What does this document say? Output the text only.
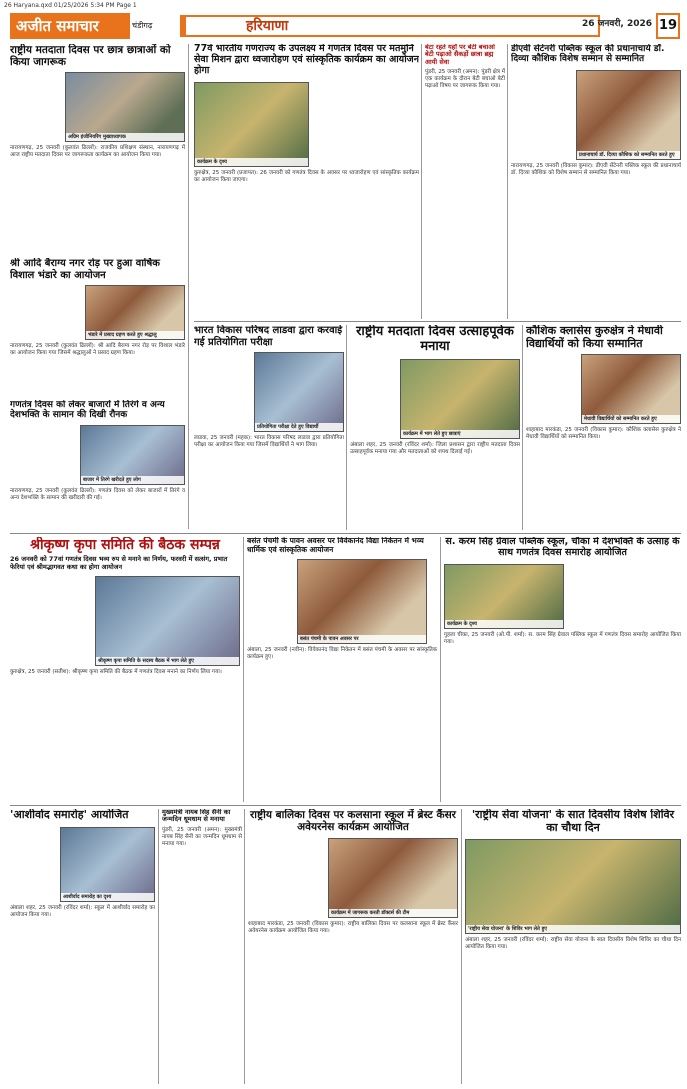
26 Haryana.qxd 01/25/2026 5:34 PM Page 1
अजीत समाचार	चंडीगढ़	हरियाणा	26 जनवरी, 2026 19
राष्ट्रीय मतदाता दिवस पर छात्र छात्राओं को किया जागरूक
अग्रिम इंजीनियरिंग मुख्याध्यापक
नारायणगढ़, 25 जनवरी (कुलवंत ढिल्लों): राजकीय प्रशिक्षण संस्थान, नारायणगढ़ में आज राष्ट्रीय मतदाता दिवस पर जागरूकता कार्यक्रम का आयोजन किया गया।
श्री आदि बैराग्य नगर रोड़ पर हुआ वार्षिक विशाल भंडारे का आयोजन
भंडारे में प्रसाद ग्रहण करते हुए श्रद्धालु
नारायणगढ़, 25 जनवरी (कुलवंत ढिल्लों): श्री आदि बैराग्य नगर रोड़ पर विशाल भंडारे का आयोजन किया गया जिसमें श्रद्धालुओं ने प्रसाद ग्रहण किया।
गणतंत्र दिवस को लेकर बाजारों में तिरंगे व अन्य देशभक्ति के सामान की दिखी रौनक
बाजार में तिरंगे खरीदते हुए लोग
नारायणगढ़, 25 जनवरी (कुलवंत ढिल्लों): गणतंत्र दिवस को लेकर बाजारों में तिरंगे व अन्य देशभक्ति के सामान की खरीदारी की गई।
77वें भारतीय गणराज्य के उपलक्ष्य में गणतंत्र दिवस पर मतमुनि सेवा मिशन द्वारा ध्वजारोहण एवं सांस्कृतिक कार्यक्रम का आयोजन होगा
कार्यक्रम के दृश्य
कुरुक्षेत्र, 25 जनवरी (प्रजापत): 26 जनवरी को गणतंत्र दिवस के अवसर पर ध्वजारोहण एवं सांस्कृतिक कार्यक्रम का आयोजन किया जाएगा।
बेटा रहते यहाँ पर बेटी बचाओ बेटी पढ़ाओ सैकड़ों छात्रा ब्रह्म आयी सेवा
पुंडरी, 25 जनवरी (अमन): पुंडरी क्षेत्र में एक कार्यक्रम के दौरान बेटी बचाओ बेटी पढ़ाओ विषय पर जागरूक किया गया।
डीएवी सेंटेनरी पब्लिक स्कूल की प्रधानाचार्य डॉ. दिव्या कौशिक विशेष सम्मान से सम्मानित
प्रधानाचार्य डॉ. दिव्या कौशिक को सम्मानित करते हुए
नारायणगढ़, 25 जनवरी (विकास कुमार): डीएवी सेंटेनरी पब्लिक स्कूल की प्रधानाचार्य डॉ. दिव्या कौशिक को विशेष सम्मान से सम्मानित किया गया।
भारत विकास परिषद लाडवा द्वारा करवाई गई प्रतियोगिता परीक्षा
प्रतियोगिता परीक्षा देते हुए विद्यार्थी
लाडवा, 25 जनवरी (महक): भारत विकास परिषद लाडवा द्वारा प्रतियोगिता परीक्षा का आयोजन किया गया जिसमें विद्यार्थियों ने भाग लिया।
राष्ट्रीय मतदाता दिवस उत्साहपूर्वक मनाया
कार्यक्रम में भाग लेते हुए छात्राएं
अंबाला शहर, 25 जनवरी (रविंदर शर्मा): जिला प्रशासन द्वारा राष्ट्रीय मतदाता दिवस उत्साहपूर्वक मनाया गया और मतदाताओं को शपथ दिलाई गई।
कौशिक क्लासेस कुरुक्षेत्र ने मेधावी विद्यार्थियों को किया सम्मानित
मेधावी विद्यार्थियों को सम्मानित करते हुए
शाहाबाद मारकंडा, 25 जनवरी (विकास कुमार): कौशिक क्लासेस कुरुक्षेत्र ने मेधावी विद्यार्थियों को सम्मानित किया।
श्रीकृष्ण कृपा समिति की बैठक सम्पन्न
26 जनवरी को 77वां गणतंत्र दिवस भव्य रुप से मनाने का निर्णय, फरवरी में सत्संग, प्रभात फेरियां एवं श्रीमद्भागवत कथा का होगा आयोजन
श्रीकृष्ण कृपा समिति के सदस्य बैठक में भाग लेते हुए
कुरुक्षेत्र, 25 जनवरी (सतीश): श्रीकृष्ण कृपा समिति की बैठक में गणतंत्र दिवस मनाने का निर्णय लिया गया।
बसंत पंचमी के पावन अवसर पर विवेकानंद विद्या निकेतन में भव्य धार्मिक एवं सांस्कृतिक आयोजन
बसंत पंचमी के पावन अवसर पर
अंबाला, 25 जनवरी (नवीन): विवेकानंद विद्या निकेतन में बसंत पंचमी के अवसर पर सांस्कृतिक कार्यक्रम हुए।
स. करम सिंह ग्रेवाल पब्लिक स्कूल, चौका में देशभक्ति के उत्साह के साथ गणतंत्र दिवस समारोह आयोजित
कार्यक्रम के दृश्य
गुहला चीका, 25 जनवरी (ओ.पी. शर्मा): स. करम सिंह ग्रेवाल पब्लिक स्कूल में गणतंत्र दिवस समारोह आयोजित किया गया।
'आशीर्वाद समारोह' आयोजित
आशीर्वाद समारोह का दृश्य
अंबाला शहर, 25 जनवरी (रविंदर शर्मा): स्कूल में आशीर्वाद समारोह का आयोजन किया गया।
मुख्यमंत्री नायब सिंह सैनी का जन्मदिन धूमधाम से मनाया
पुंडरी, 25 जनवरी (अमन): मुख्यमंत्री नायब सिंह सैनी का जन्मदिन धूमधाम से मनाया गया।
राष्ट्रीय बालिका दिवस पर कलसाना स्कूल में ब्रेस्ट कैंसर अवेयरनेस कार्यक्रम आयोजित
कार्यक्रम में जागरूक करती डॉक्टर्स की टीम
शाहाबाद मारकंडा, 25 जनवरी (विकास कुमार): राष्ट्रीय बालिका दिवस पर कलसाना स्कूल में ब्रेस्ट कैंसर अवेयरनेस कार्यक्रम आयोजित किया गया।
'राष्ट्रीय सेवा योजना' के सात दिवसीय विशेष शिविर का चौथा दिन
'राष्ट्रीय सेवा योजना' के शिविर भाग लेते हुए
अंबाला शहर, 25 जनवरी (रविंदर शर्मा): राष्ट्रीय सेवा योजना के सात दिवसीय विशेष शिविर का चौथा दिन आयोजित किया गया।
